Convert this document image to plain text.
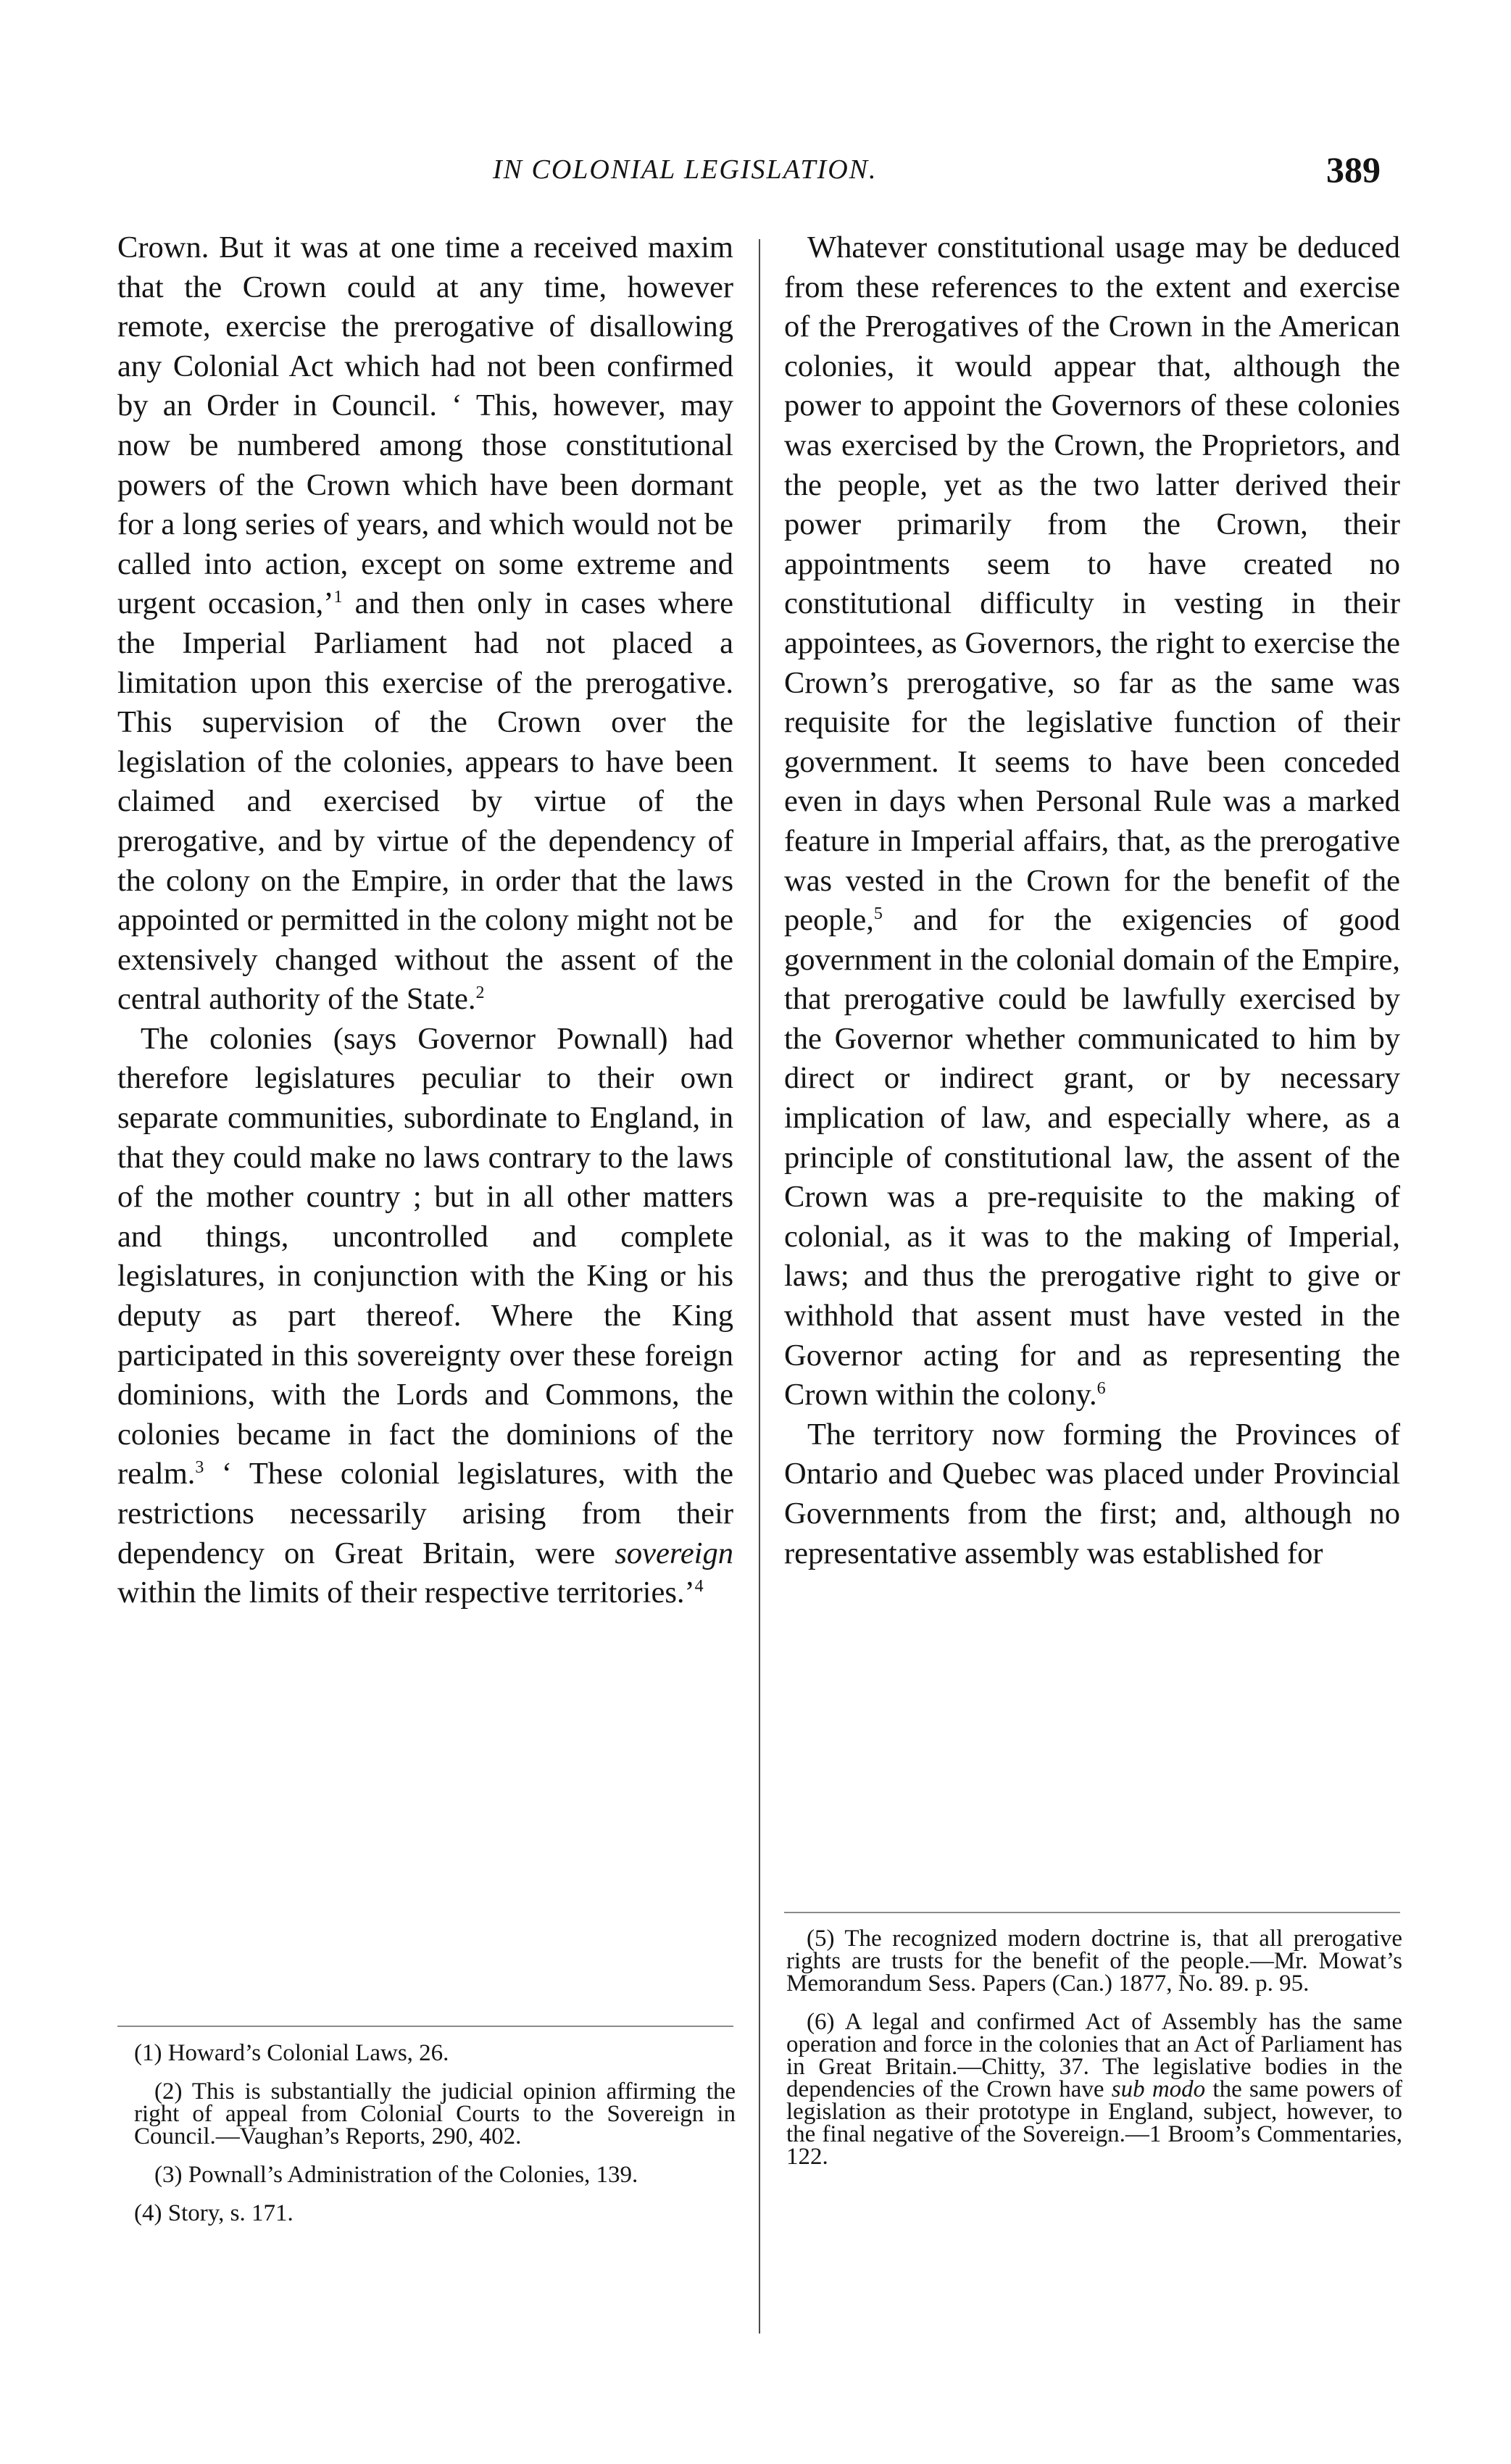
IN COLONIAL LEGISLATION.	389

Crown. But it was at one time a received maxim that the Crown could at any time, however remote, exercise the prerogative of disallowing any Colonial Act which had not been confirmed by an Order in Council. ‘ This, however, may now be numbered among those constitutional powers of the Crown which have been dormant for a long series of years, and which would not be called into action, except on some extreme and urgent occasion,’$^1$ and then only in cases where the Imperial Parliament had not placed a limitation upon this exercise of the prerogative. This supervision of the Crown over the legislation of the colonies, appears to have been claimed and exercised by virtue of the prerogative, and by virtue of the dependency of the colony on the Empire, in order that the laws appointed or permitted in the colony might not be extensively changed without the assent of the central authority of the State.$^2$

The colonies (says Governor Pownall) had therefore legislatures peculiar to their own separate communities, subordinate to England, in that they could make no laws contrary to the laws of the mother country ; but in all other matters and things, uncontrolled and complete legislatures, in conjunction with the King or his deputy as part thereof. Where the King participated in this sovereignty over these foreign dominions, with the Lords and Commons, the colonies became in fact the dominions of the realm.$^3$ ‘ These colonial legislatures, with the restrictions necessarily arising from their dependency on Great Britain, were sovereign within the limits of their respective territories.’$^4$

Whatever constitutional usage may be deduced from these references to the extent and exercise of the Prerogatives of the Crown in the American colonies, it would appear that, although the power to appoint the Governors of these colonies was exercised by the Crown, the Proprietors, and the people, yet as the two latter derived their power primarily from the Crown, their appointments seem to have created no constitutional difficulty in vesting in their appointees, as Governors, the right to exercise the Crown’s prerogative, so far as the same was requisite for the legislative function of their government. It seems to have been conceded even in days when Personal Rule was a marked feature in Imperial affairs, that, as the prerogative was vested in the Crown for the benefit of the people,$^5$ and for the exigencies of good government in the colonial domain of the Empire, that prerogative could be lawfully exercised by the Governor whether communicated to him by direct or indirect grant, or by necessary implication of law, and especially where, as a principle of constitutional law, the assent of the Crown was a pre-requisite to the making of colonial, as it was to the making of Imperial, laws; and thus the prerogative right to give or withhold that assent must have vested in the Governor acting for and as representing the Crown within the colony.$^6$

The territory now forming the Provinces of Ontario and Quebec was placed under Provincial Governments from the first; and, although no representative assembly was established for

(1) Howard’s Colonial Laws, 26.

(2) This is substantially the judicial opinion affirming the right of appeal from Colonial Courts to the Sovereign in Council.—Vaughan’s Reports, 290, 402.

(3) Pownall’s Administration of the Colonies, 139.

(4) Story, s. 171.

(5) The recognized modern doctrine is, that all prerogative rights are trusts for the benefit of the people.—Mr. Mowat’s Memorandum Sess. Papers (Can.) 1877, No. 89. p. 95.

(6) A legal and confirmed Act of Assembly has the same operation and force in the colonies that an Act of Parliament has in Great Britain.—Chitty, 37. The legislative bodies in the dependencies of the Crown have sub modo the same powers of legislation as their prototype in England, subject, however, to the final negative of the Sovereign.—1 Broom’s Commentaries, 122.
